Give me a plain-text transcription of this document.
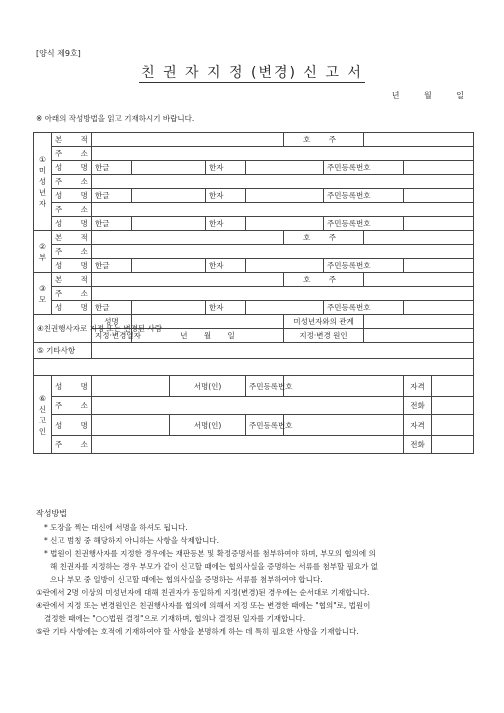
[양식 제9호]
친 권 자 지 정 (변경) 신 고 서
년	월	일
※ 아래의 작성방법을 읽고 기재하시기 바랍니다.
①
미성년자	본 적						호 주				
	주 소										
	성 명	한글			한자			주민등록번호			
	주 소										
	성 명	한글			한자			주민등록번호			
	주 소										
	성 명	한글			한자			주민등록번호			
②
부	본 적						호 주				
	주 소										
	성 명	한글			한자			주민등록번호			
③
모	본 적						호 주				
	주 소										
	성 명	한글			한자			주민등록번호			
④친권행사자로 지정 또는 변경된 사람		성명					미성년자와의 관계				
		지정·변경일자	년 월 일				지정·변경 원인				
⑤ 기타사항											

⑥
신고인	성 명			서명(인)		주민등록번호				자격	
	주 소									전화	
	성 명			서명(인)		주민등록번호				자격	
	주 소									전화	
작성방법

* 도장을 찍는 대신에 서명을 하셔도 됩니다.

* 신고 범칭 중 해당하지 아니하는 사항을 삭제합니다.

* 법원이 친권행사자를 지정한 경우에는 재판등본 및 확정증명서를 첨부하여야 하며, 부모의 협의에 의

해 친권자를 지정하는 경우 부모가 같이 신고할 때에는 협의사실을 증명하는 서류를 첨부할 필요가 없

으나 부모 중 일방이 신고할 때에는 협의사실을 증명하는 서류를 첨부하여야 합니다.

①란에서 2명 이상의 미성년자에 대해 친권자가 동일하게 지정(변경)된 경우에는 순서대로 기재합니다.

④란에서 지정 또는 변경원인은 친권행사자를 협의에 의해서 지정 또는 변경한 때에는 "협의"로, 법원이

결정한 때에는 "○○법원 결정"으로 기재하며, 협의나 결정된 일자를 기재합니다.

⑤란 기타 사항에는 호적에 기재하여야 할 사항을 분명하게 하는 데 특히 필요한 사항을 기재합니다.
